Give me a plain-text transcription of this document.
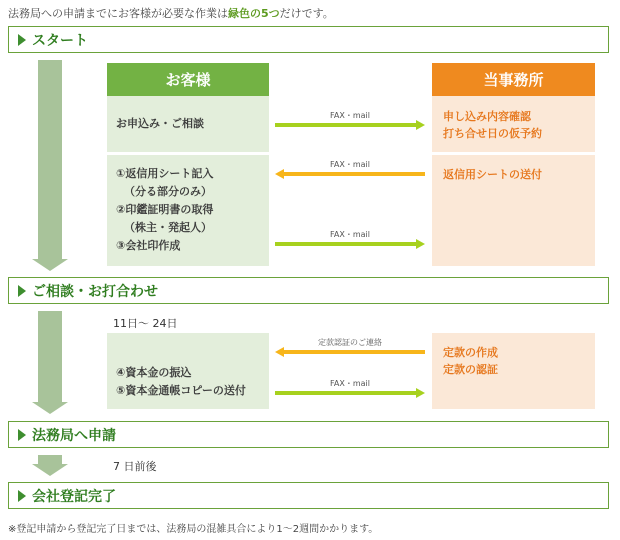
法務局への申請までにお客様が必要な作業は緑色の5つだけです。
スタート
お客様	当事務所
お申込み・ご相談
FAX・mail	申し込み内容確認
打ち合せ日の仮予約
①返信用シート記入
（分る部分のみ）
②印鑑証明書の取得
（株主・発起人）
③会社印作成
FAX・mail
FAX・mail
返信用シートの送付
ご相談・お打合わせ
11日～ 24日
④資本金の振込
⑤資本金通帳コピーの送付
定款認証のご連絡
FAX・mail
定款の作成
定款の認証
法務局へ申請
7 日前後
会社登記完了
※登記申請から登記完了日までは、法務局の混雑具合により1～2週間かかります。
